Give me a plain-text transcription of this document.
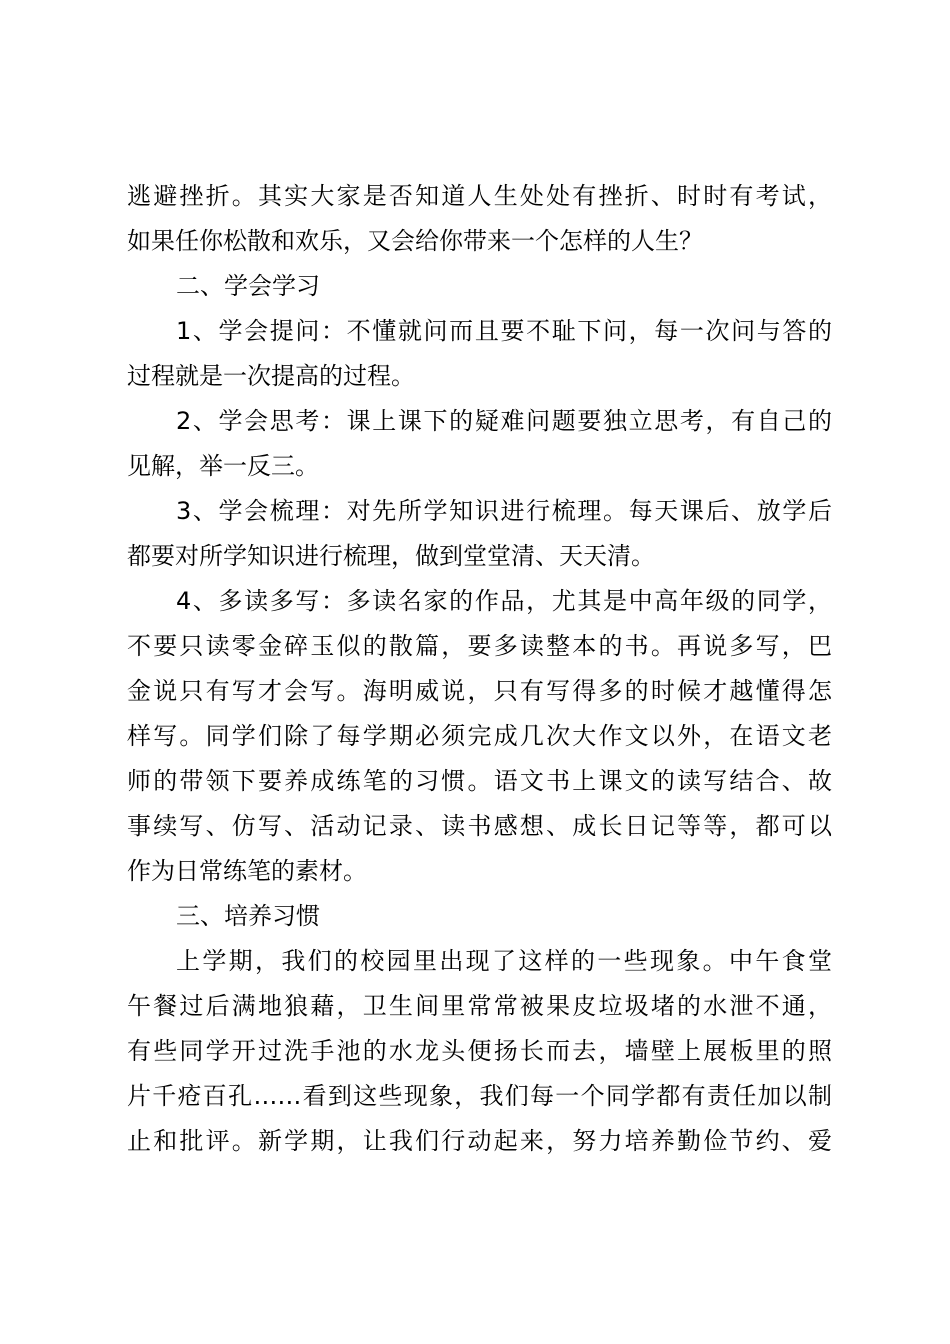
逃避挫折。其实大家是否知道人生处处有挫折、时时有考试，
如果任你松散和欢乐，又会给你带来一个怎样的人生？
二、学会学习
1、学会提问：不懂就问而且要不耻下问，每一次问与答的
过程就是一次提高的过程。
2、学会思考：课上课下的疑难问题要独立思考，有自己的
见解，举一反三。
3、学会梳理：对先所学知识进行梳理。每天课后、放学后
都要对所学知识进行梳理，做到堂堂清、天天清。
4、多读多写：多读名家的作品，尤其是中高年级的同学，
不要只读零金碎玉似的散篇，要多读整本的书。再说多写，巴
金说只有写才会写。海明威说，只有写得多的时候才越懂得怎
样写。同学们除了每学期必须完成几次大作文以外，在语文老
师的带领下要养成练笔的习惯。语文书上课文的读写结合、故
事续写、仿写、活动记录、读书感想、成长日记等等，都可以
作为日常练笔的素材。
三、培养习惯
上学期，我们的校园里出现了这样的一些现象。中午食堂
午餐过后满地狼藉，卫生间里常常被果皮垃圾堵的水泄不通，
有些同学开过洗手池的水龙头便扬长而去，墙壁上展板里的照
片千疮百孔……看到这些现象，我们每一个同学都有责任加以制
止和批评。新学期，让我们行动起来，努力培养勤俭节约、爱
